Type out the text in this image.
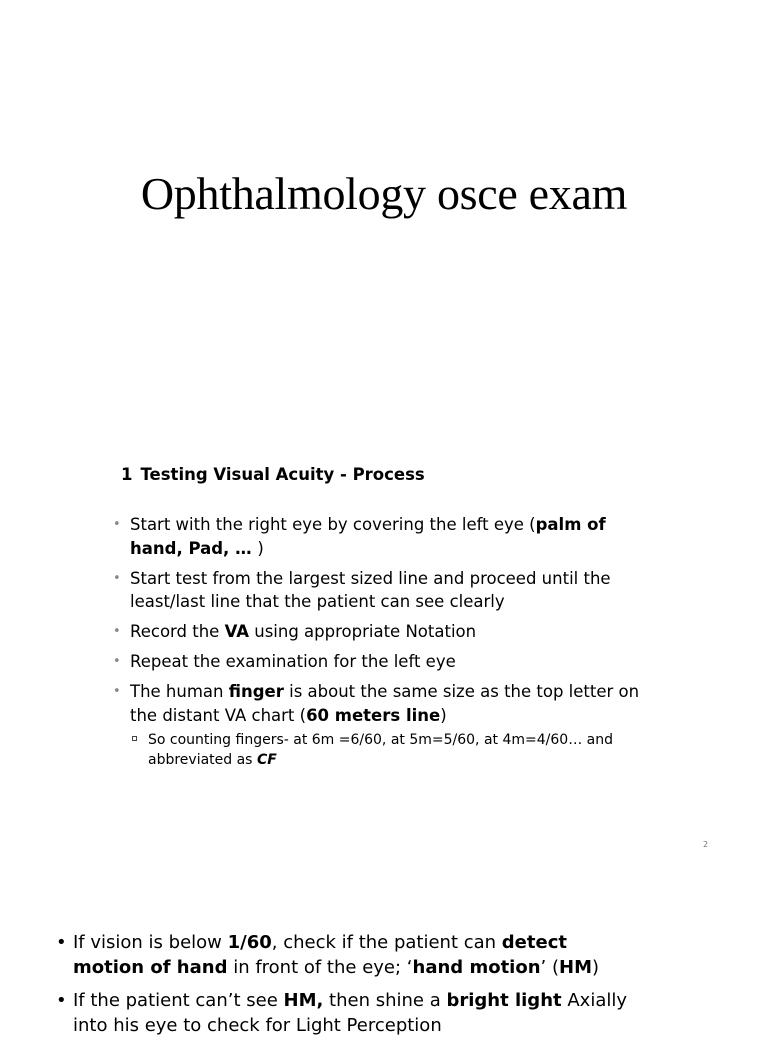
Ophthalmology osce exam
1 Testing Visual Acuity - Process
• Start with the right eye by covering the left eye (palm of hand, Pad, … )
• Start test from the largest sized line and proceed until the least/last line that the patient can see clearly
• Record the VA using appropriate Notation
• Repeat the examination for the left eye
• The human finger is about the same size as the top letter on the distant VA chart (60 meters line)
So counting fingers- at 6m =6/60, at 5m=5/60, at 4m=4/60… and abbreviated as CF
2
• If vision is below 1/60, check if the patient can detect motion of hand in front of the eye; ‘hand motion’ (HM)
• If the patient can’t see HM, then shine a bright light Axially into his eye to check for Light Perception
